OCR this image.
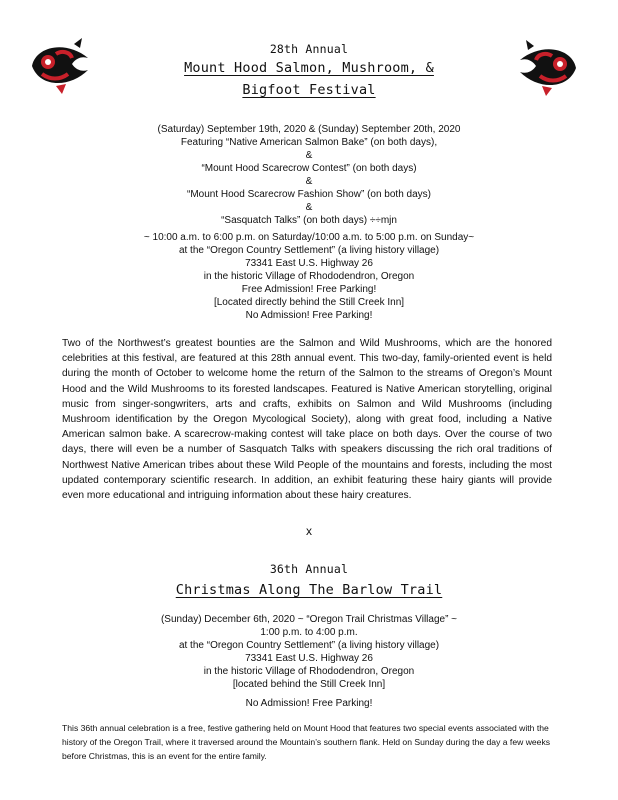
28th Annual
Mount Hood Salmon, Mushroom, &
Bigfoot Festival
(Saturday) September 19th, 2020 & (Sunday) September 20th, 2020
Featuring “Native American Salmon Bake” (on both days),
&
“Mount Hood Scarecrow Contest” (on both days)
&
“Mount Hood Scarecrow Fashion Show” (on both days)
&
“Sasquatch Talks” (on both days) ÷÷mjn
~ 10:00 a.m. to 6:00 p.m. on Saturday/10:00 a.m. to 5:00 p.m. on Sunday~
at the “Oregon Country Settlement” (a living history village)
73341 East U.S. Highway 26
in the historic Village of Rhododendron, Oregon
Free Admission! Free Parking!
[Located directly behind the Still Creek Inn]
No Admission! Free Parking!
Two of the Northwest’s greatest bounties are the Salmon and Wild Mushrooms, which are the honored celebrities at this festival, are featured at this 28th annual event. This two-day, family-oriented event is held during the month of October to welcome home the return of the Salmon to the streams of Oregon’s Mount Hood and the Wild Mushrooms to its forested landscapes. Featured is Native American storytelling, original music from singer-songwriters, arts and crafts, exhibits on Salmon and Wild Mushrooms (including Mushroom identification by the Oregon Mycological Society), along with great food, including a Native American salmon bake. A scarecrow-making contest will take place on both days. Over the course of two days, there will even be a number of Sasquatch Talks with speakers discussing the rich oral traditions of Northwest Native American tribes about these Wild People of the mountains and forests, including the most updated contemporary scientific research. In addition, an exhibit featuring these hairy giants will provide even more educational and intriguing information about these hairy creatures.
x
36th Annual
Christmas Along The Barlow Trail
(Sunday) December 6th, 2020 ~ “Oregon Trail Christmas Village” ~
1:00 p.m. to 4:00 p.m.
at the “Oregon Country Settlement” (a living history village)
73341 East U.S. Highway 26
in the historic Village of Rhododendron, Oregon
[located behind the Still Creek Inn]
No Admission! Free Parking!
This 36th annual celebration is a free, festive gathering held on Mount Hood that features two special events associated with the history of the Oregon Trail, where it traversed around the Mountain’s southern flank. Held on Sunday during the day a few weeks before Christmas, this is an event for the entire family.
